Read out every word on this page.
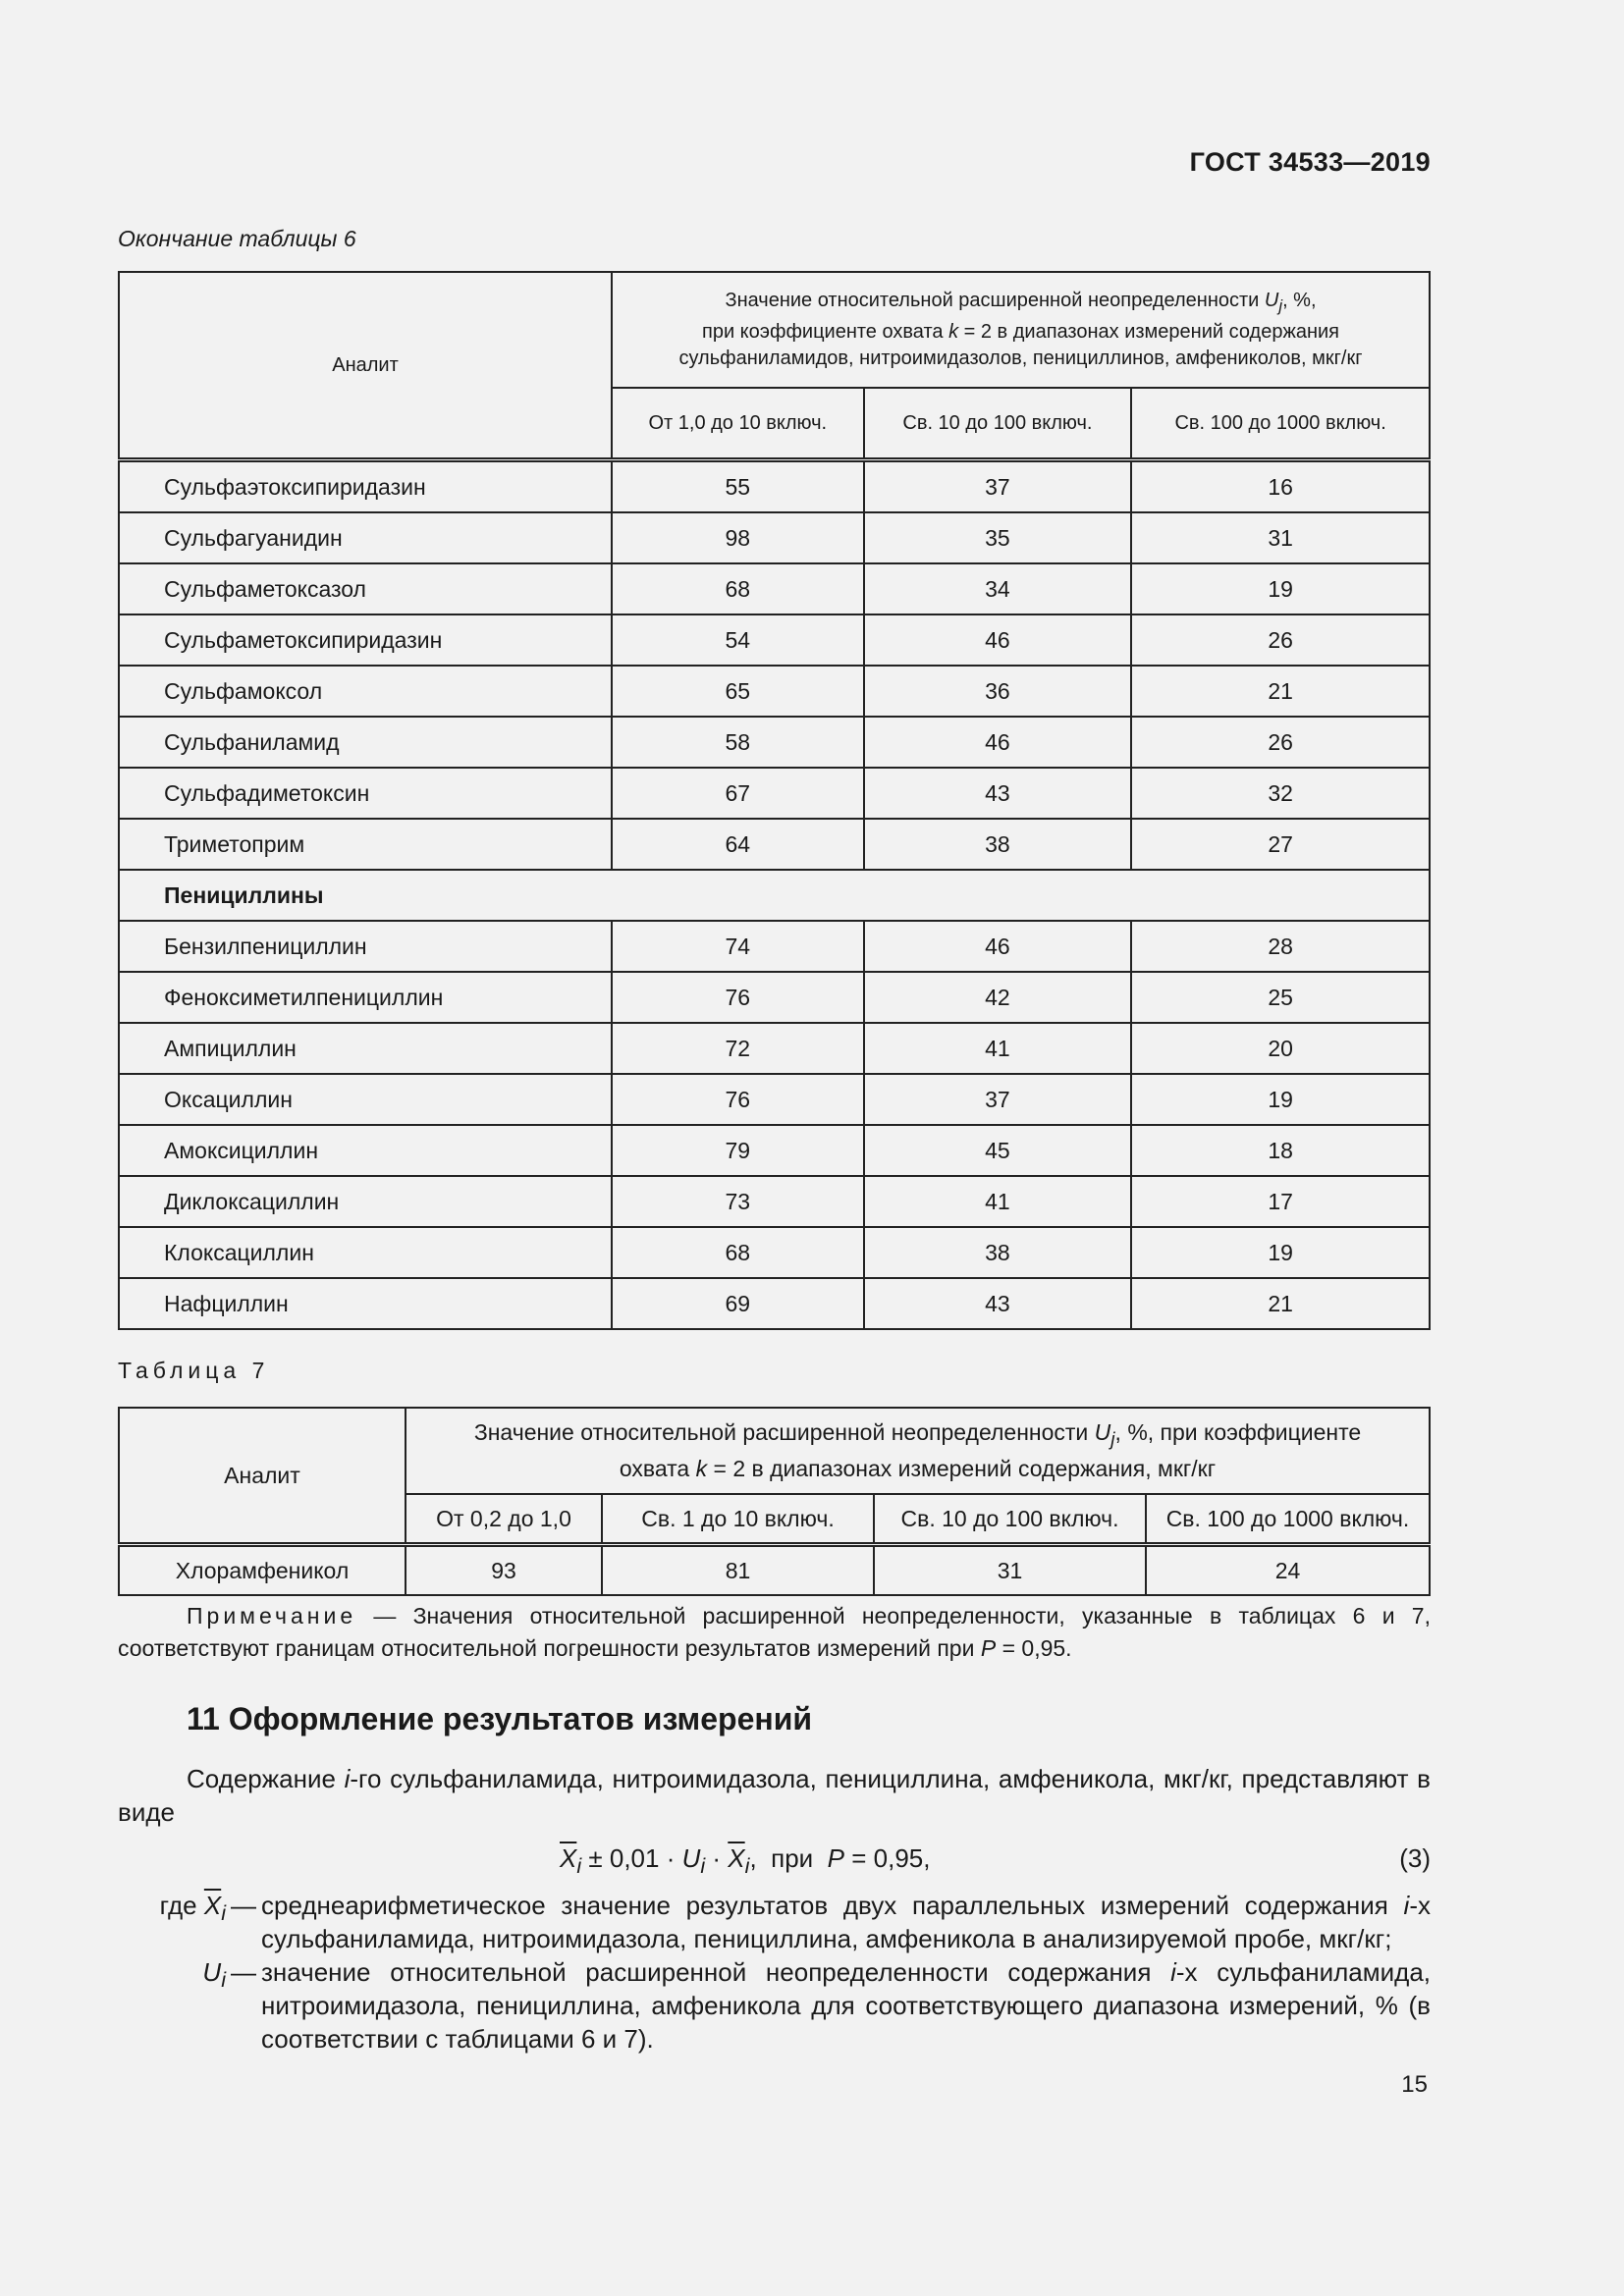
ГОСТ 34533—2019
Окончание таблицы 6
Аналит	Значение относительной расширенной неопределенности $U_j$, %,
при коэффициенте охвата k = 2 в диапазонах измерений содержания
сульфаниламидов, нитроимидазолов, пенициллинов, амфениколов, мкг/кг		
	От 1,0 до 10 включ.	Св. 10 до 100 включ.	Св. 100 до 1000 включ.
Сульфаэтоксипиридазин	55	37	16
Сульфагуанидин	98	35	31
Сульфаметоксазол	68	34	19
Сульфаметоксипиридазин	54	46	26
Сульфамоксол	65	36	21
Сульфаниламид	58	46	26
Сульфадиметоксин	67	43	32
Триметоприм	64	38	27
Пенициллины			
Бензилпенициллин	74	46	28
Феноксиметилпенициллин	76	42	25
Ампициллин	72	41	20
Оксациллин	76	37	19
Амоксициллин	79	45	18
Диклоксациллин	73	41	17
Клоксациллин	68	38	19
Нафциллин	69	43	21
Таблица 7
Аналит	Значение относительной расширенной неопределенности $U_j$, %, при коэффициенте
охвата k = 2 в диапазонах измерений содержания, мкг/кг			
	От 0,2 до 1,0	Св. 1 до 10 включ.	Св. 10 до 100 включ.	Св. 100 до 1000 включ.
Хлорамфеникол	93	81	31	24
Примечание — Значения относительной расширенной неопределенности, указанные в таблицах 6 и 7, соответствуют границам относительной погрешности результатов измерений при P = 0,95.
11 Оформление результатов измерений
Содержание i-го сульфаниламида, нитроимидазола, пенициллина, амфеникола, мкг/кг, представляют в виде
$\overline{X}_i \pm 0,01 \cdot U_i \cdot \overline{X}_i$,  при  P = 0,95,	(3)
где $\overline{X}_i$ — среднеарифметическое значение результатов двух параллельных измерений содержания i-х сульфаниламида, нитроимидазола, пенициллина, амфеникола в анализируемой пробе, мкг/кг;
$U_i$ — значение относительной расширенной неопределенности содержания i-х сульфаниламида, нитроимидазола, пенициллина, амфеникола для соответствующего диапазона измерений, % (в соответствии с таблицами 6 и 7).
15
